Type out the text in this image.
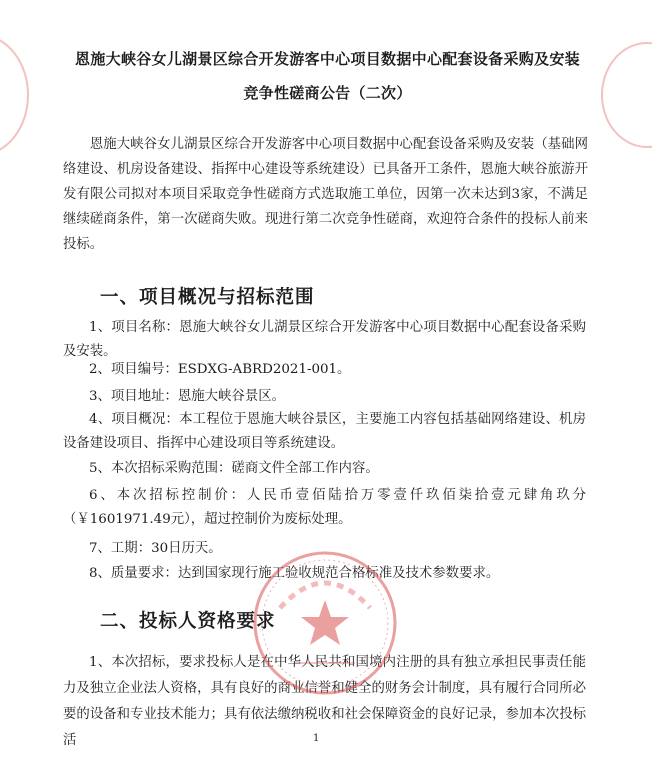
恩施大峡谷女儿湖景区综合开发游客中心项目数据中心配套设备采购及安装
竞争性磋商公告（二次）

恩施大峡谷女儿湖景区综合开发游客中心项目数据中心配套设备采购及安装（基础网络建设、机房设备建设、指挥中心建设等系统建设）已具备开工条件，恩施大峡谷旅游开发有限公司拟对本项目采取竞争性磋商方式选取施工单位，因第一次未达到3家，不满足继续磋商条件，第一次磋商失败。现进行第二次竞争性磋商，欢迎符合条件的投标人前来投标。

一、项目概况与招标范围

1、项目名称：恩施大峡谷女儿湖景区综合开发游客中心项目数据中心配套设备采购及安装。

2、项目编号：ESDXG-ABRD2021-001。

3、项目地址：恩施大峡谷景区。

4、项目概况：本工程位于恩施大峡谷景区，主要施工内容包括基础网络建设、机房设备建设项目、指挥中心建设项目等系统建设。

5、本次招标采购范围：磋商文件全部工作内容。

6、本次招标控制价：人民币壹佰陆拾万零壹仟玖佰柒拾壹元肆角玖分（￥1601971.49元），超过控制价为废标处理。

7、工期：30日历天。

8、质量要求：达到国家现行施工验收规范合格标准及技术参数要求。

二、投标人资格要求

1、本次招标，要求投标人是在中华人民共和国境内注册的具有独立承担民事责任能力及独立企业法人资格，具有良好的商业信誉和健全的财务会计制度，具有履行合同所必要的设备和专业技术能力；具有依法缴纳税收和社会保障资金的良好记录，参加本次投标活	1
